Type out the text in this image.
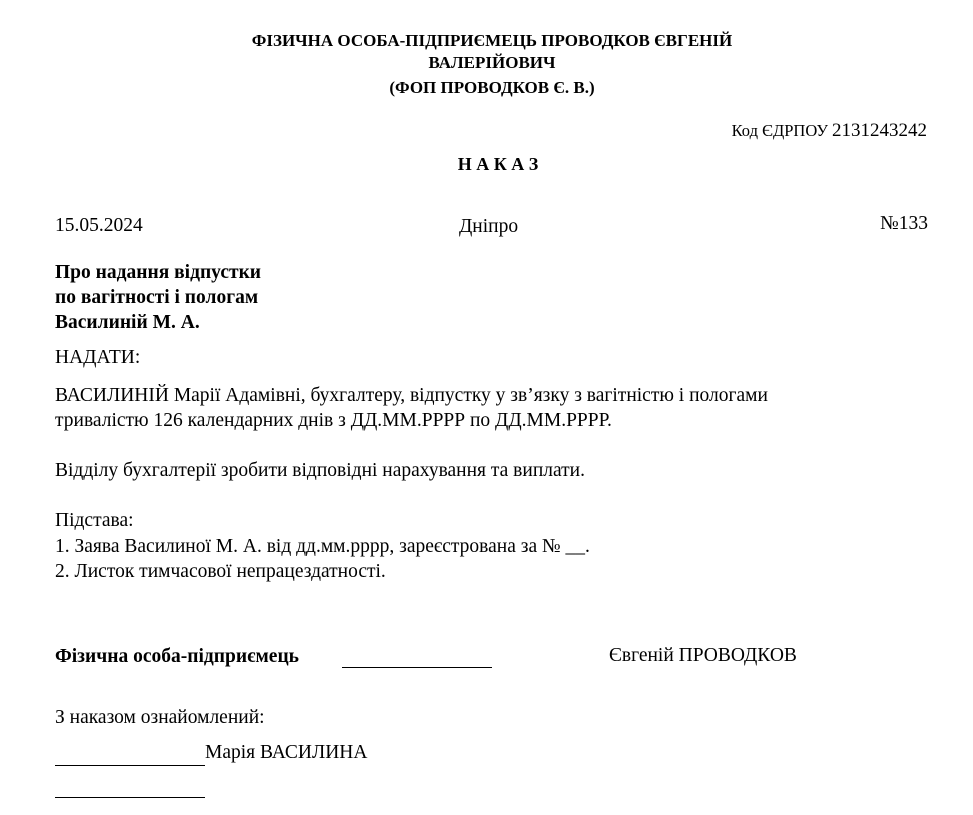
ФІЗИЧНА ОСОБА-ПІДПРИЄМЕЦЬ ПРОВОДКОВ ЄВГЕНІЙ
ВАЛЕРІЙОВИЧ
(ФОП ПРОВОДКОВ Є. В.)
Код ЄДРПОУ 2131243242
Н А К А З
15.05.2024	Дніпро	№133
Про надання відпустки
по вагітності і пологам
Василиній М. А.
НАДАТИ:
ВАСИЛИНІЙ Марії Адамівні, бухгалтеру, відпустку у зв’язку з вагітністю і пологами
тривалістю 126 календарних днів з ДД.ММ.РРРР по ДД.ММ.РРРР.
Відділу бухгалтерії зробити відповідні нарахування та виплати.
Підстава:
1. Заява Василиної М. А. від дд.мм.рррр, зареєстрована за № __.
2. Листок тимчасової непрацездатності.
Фізична особа-підприємець	Євгеній ПРОВОДКОВ
З наказом ознайомлений:
Марія ВАСИЛИНА
